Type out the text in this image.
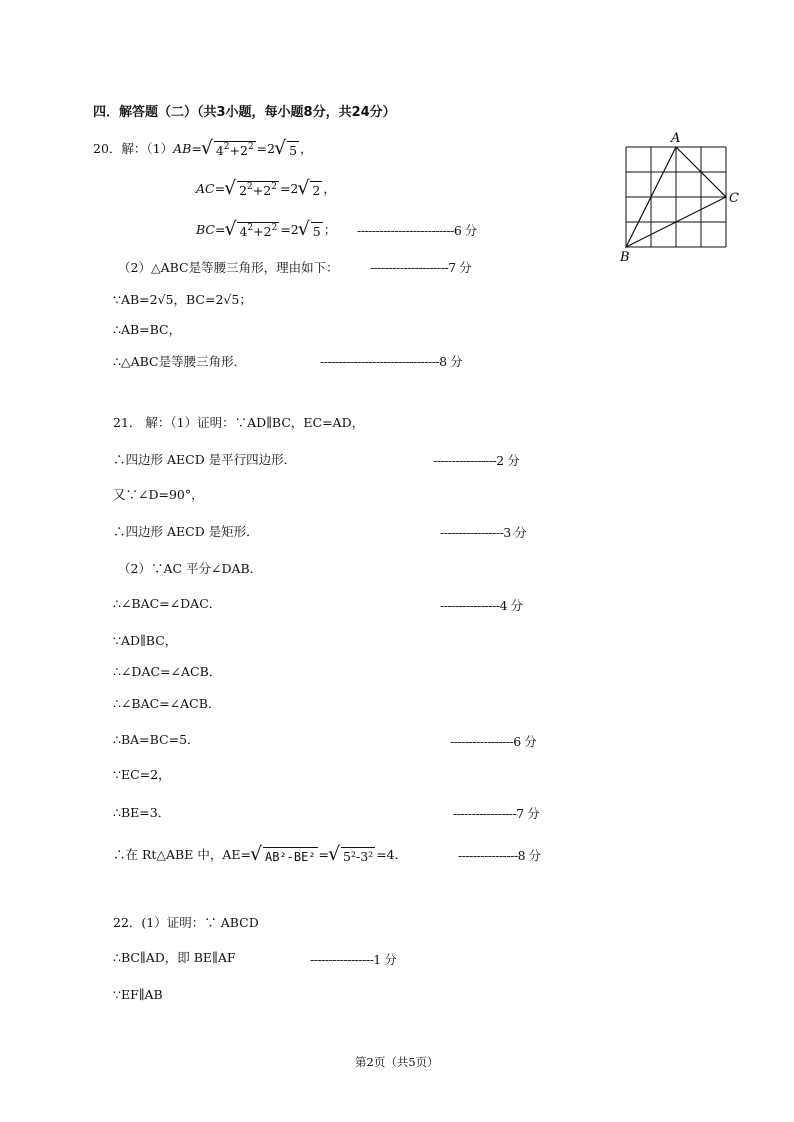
四．解答题（二）（共3小题，每小题8分，共24分）
20．解：（1）AB=√ $4^2+2^2 =2√$ 5 ，
AC=√ $2^2+2^2 =2√$ 2 ，
BC=√ $4^2+2^2 =2√$ 5 ； --------------------------6 分
（2）△ABC是等腰三角形，理由如下：	---------------------7 分
∵AB=2√5，BC=2√5；
∴AB=BC，
∴△ABC是等腰三角形．	--------------------------------8 分
A
B
C
21． 解：（1）证明：∵AD∥BC，EC=AD，
∴四边形 AECD 是平行四边形．	-----------------2 分
又∵∠D=90°，
∴四边形 AECD 是矩形．	-----------------3 分
（2）∵AC 平分∠DAB．
∴∠BAC=∠DAC．	----------------4 分
∵AD∥BC，
∴∠DAC=∠ACB．
∴∠BAC=∠ACB．
∴BA=BC=5．	-----------------6 分
∵EC=2，
∴BE=3．	-----------------7 分
∴在 Rt△ABE 中，AE=√ AB²-BE² =√ 5²-3² =4．	----------------8 分
22．(1）证明：∵ ABCD
∴BC∥AD，即 BE∥AF	-----------------1 分
∵EF∥AB
第2页（共5页）
